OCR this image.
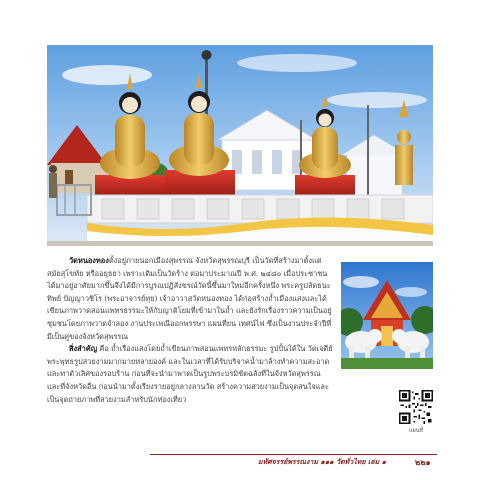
วัดหนองทองตั้งอยู่ภายนอกเมืองสุพรรณ จังหวัดสุพรรณบุรี เป็นวัดที่สร้างมาตั้งแต่สมัยสุโขทัย หรืออยุธยา เพราะเดิมเป็นวัดร้าง ต่อมาประมาณปี พ.ศ. ๒๔๘๐ เมื่อประชาชนได้มาอยู่อาศัยมากขึ้นจึงได้มีการบูรณปฏิสังขรณ์วัดนี้ขึ้นมาใหม่อีกครั้งหนึ่ง พระครูปลัดธนะทิพย์ ปัญญาวชิโร (พระอาจารย์ทุย) เจ้าอาวาสวัดหนองทอง ได้ก่อสร้างถ้ำเมืองแสงและได้เขียนภาพวาดสอนแพทรธรรมะให้กับญาติโยมที่เข้ามาในถ้ำ และยังรักเรื่องราวความเป็นอยู่ชุมชนโดยภาพวาดจำลอง งานประเพณีออกพรรษา แผนที่ยน เทศน์ไฟ ซึ่งเป็นงานประจำปีที่มีเป็นคู่ของจังหวัดสุพรรณ

สิ่งสำคัญ คือ ถ้ำเรืองแสงโดยถ้ำเขียนภาพสอนแพทรหลักธรรมะ รูปปั้นได้ใน วัดเจดีย์ พระพุทธรูปสวยงามมากมายหลายองค์ และในเวลาที่ได้รับบริจาคน้ำมาล้างทำความสะอาดและทาตัวเลิศของรอบร้าน ก่อนที่จะนำมาพาดเป็นรูปพระบรมิชัตฉลังที่ในจังหวัดสุพรรณ และที่จังหวัดอื่น ก่อนนำมาตั้งเรียงรายอยู่กลางลานวัด สร้างความสวยงามเป็นจุดสนใจและเป็นจุดถ่ายภาพที่สวยงามสำหรับนักท่องเที่ยว

แผนที่
มหัศจรรย์พรรณงาม ๑๑๑ วัดทั่วไทย เล่ม ๑	๒๒๑
